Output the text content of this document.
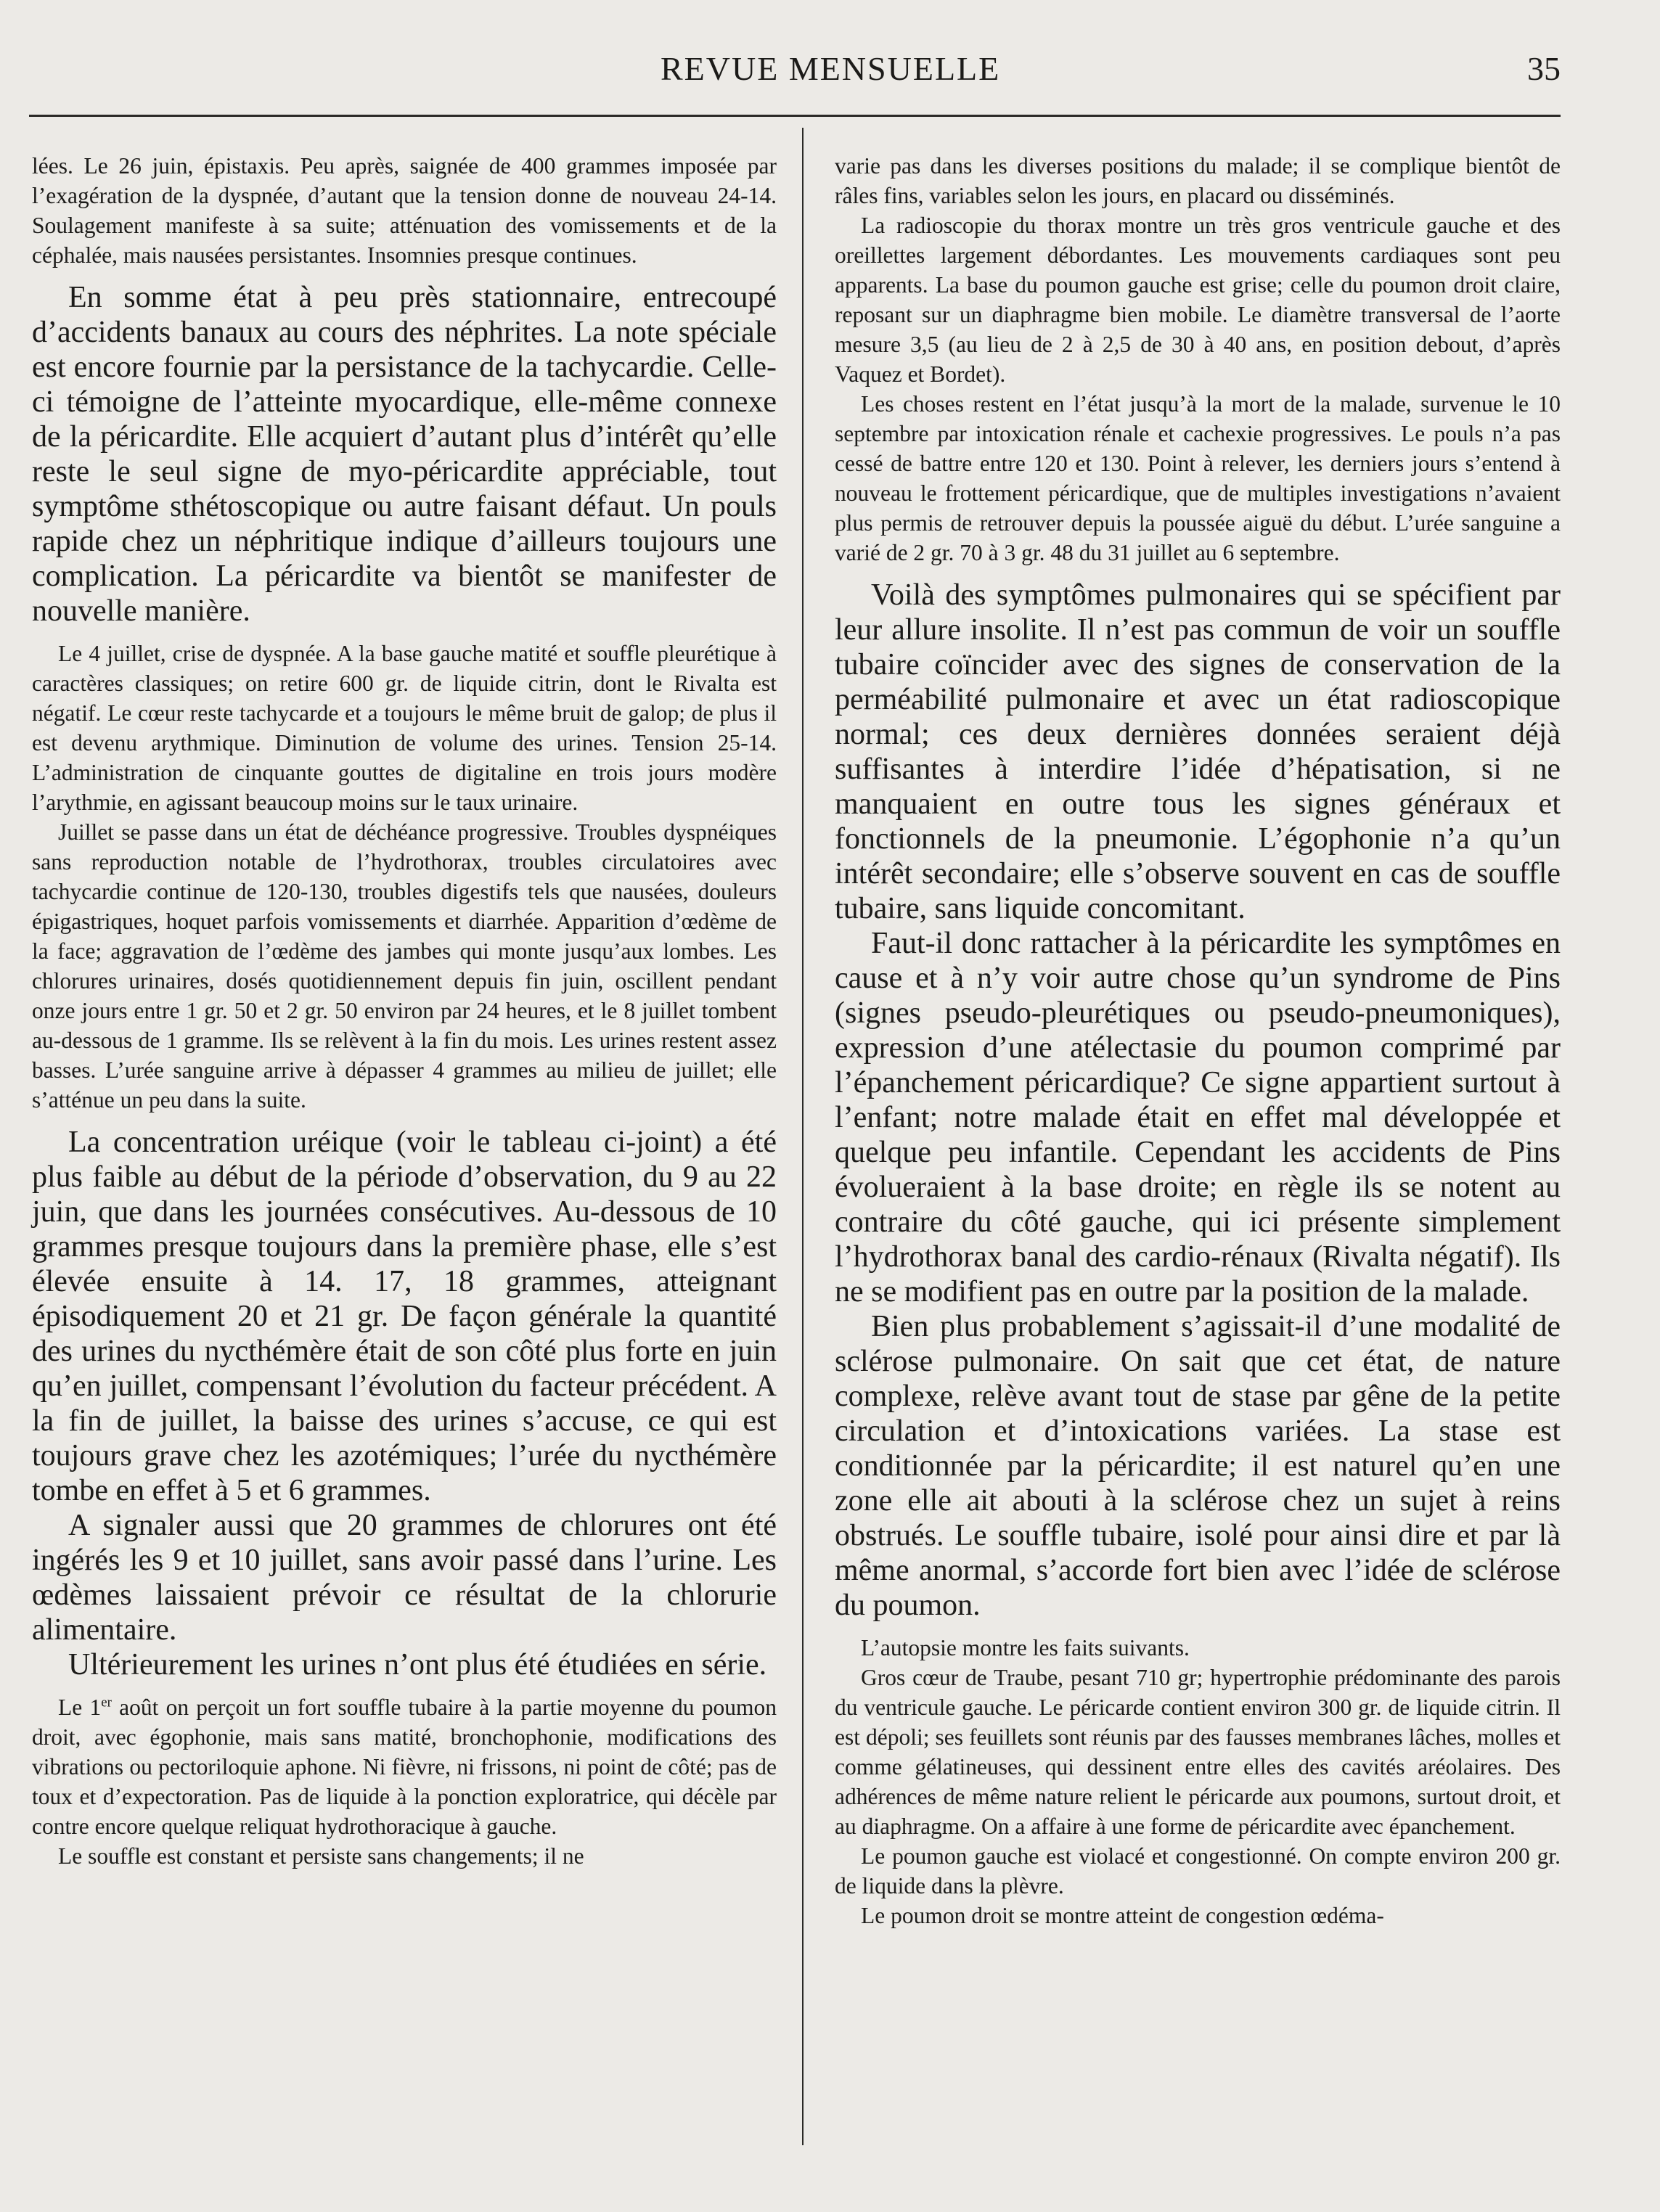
REVUE MENSUELLE	35

lées. Le 26 juin, épistaxis. Peu après, saignée de 400 grammes imposée par l’exagération de la dyspnée, d’autant que la tension donne de nouveau 24-14. Soulagement manifeste à sa suite; atténuation des vomissements et de la céphalée, mais nausées persistantes. Insomnies presque continues.

En somme état à peu près stationnaire, entrecoupé d’accidents banaux au cours des néphrites. La note spéciale est encore fournie par la persistance de la tachycardie. Celle-ci témoigne de l’atteinte myocardique, elle-même connexe de la péricardite. Elle acquiert d’autant plus d’intérêt qu’elle reste le seul signe de myo-péricardite appréciable, tout symptôme sthétoscopique ou autre faisant défaut. Un pouls rapide chez un néphritique indique d’ailleurs toujours une complication. La péricardite va bientôt se manifester de nouvelle manière.

Le 4 juillet, crise de dyspnée. A la base gauche matité et souffle pleurétique à caractères classiques; on retire 600 gr. de liquide citrin, dont le Rivalta est négatif. Le cœur reste tachycarde et a toujours le même bruit de galop; de plus il est devenu arythmique. Diminution de volume des urines. Tension 25-14. L’administration de cinquante gouttes de digitaline en trois jours modère l’arythmie, en agissant beaucoup moins sur le taux urinaire.

Juillet se passe dans un état de déchéance progressive. Troubles dyspnéiques sans reproduction notable de l’hydrothorax, troubles circulatoires avec tachycardie continue de 120-130, troubles digestifs tels que nausées, douleurs épigastriques, hoquet parfois vomissements et diarrhée. Apparition d’œdème de la face; aggravation de l’œdème des jambes qui monte jusqu’aux lombes. Les chlorures urinaires, dosés quotidiennement depuis fin juin, oscillent pendant onze jours entre 1 gr. 50 et 2 gr. 50 environ par 24 heures, et le 8 juillet tombent au-dessous de 1 gramme. Ils se relèvent à la fin du mois. Les urines restent assez basses. L’urée sanguine arrive à dépasser 4 grammes au milieu de juillet; elle s’atténue un peu dans la suite.

La concentration uréique (voir le tableau ci-joint) a été plus faible au début de la période d’observation, du 9 au 22 juin, que dans les journées consécutives. Au-dessous de 10 grammes presque toujours dans la première phase, elle s’est élevée ensuite à 14. 17, 18 grammes, atteignant épisodiquement 20 et 21 gr. De façon générale la quantité des urines du nycthémère était de son côté plus forte en juin qu’en juillet, compensant l’évolution du facteur précédent. A la fin de juillet, la baisse des urines s’accuse, ce qui est toujours grave chez les azotémiques; l’urée du nycthémère tombe en effet à 5 et 6 grammes.

A signaler aussi que 20 grammes de chlorures ont été ingérés les 9 et 10 juillet, sans avoir passé dans l’urine. Les œdèmes laissaient prévoir ce résultat de la chlorurie alimentaire.

Ultérieurement les urines n’ont plus été étudiées en série.

Le 1er août on perçoit un fort souffle tubaire à la partie moyenne du poumon droit, avec égophonie, mais sans matité, bronchophonie, modifications des vibrations ou pectoriloquie aphone. Ni fièvre, ni frissons, ni point de côté; pas de toux et d’expectoration. Pas de liquide à la ponction exploratrice, qui décèle par contre encore quelque reliquat hydrothoracique à gauche.

Le souffle est constant et persiste sans changements; il ne

varie pas dans les diverses positions du malade; il se complique bientôt de râles fins, variables selon les jours, en placard ou disséminés.

La radioscopie du thorax montre un très gros ventricule gauche et des oreillettes largement débordantes. Les mouvements cardiaques sont peu apparents. La base du poumon gauche est grise; celle du poumon droit claire, reposant sur un diaphragme bien mobile. Le diamètre transversal de l’aorte mesure 3,5 (au lieu de 2 à 2,5 de 30 à 40 ans, en position debout, d’après Vaquez et Bordet).

Les choses restent en l’état jusqu’à la mort de la malade, survenue le 10 septembre par intoxication rénale et cachexie progressives. Le pouls n’a pas cessé de battre entre 120 et 130. Point à relever, les derniers jours s’entend à nouveau le frottement péricardique, que de multiples investigations n’avaient plus permis de retrouver depuis la poussée aiguë du début. L’urée sanguine a varié de 2 gr. 70 à 3 gr. 48 du 31 juillet au 6 septembre.

Voilà des symptômes pulmonaires qui se spécifient par leur allure insolite. Il n’est pas commun de voir un souffle tubaire coïncider avec des signes de conservation de la perméabilité pulmonaire et avec un état radioscopique normal; ces deux dernières données seraient déjà suffisantes à interdire l’idée d’hépatisation, si ne manquaient en outre tous les signes généraux et fonctionnels de la pneumonie. L’égophonie n’a qu’un intérêt secondaire; elle s’observe souvent en cas de souffle tubaire, sans liquide concomitant.

Faut-il donc rattacher à la péricardite les symptômes en cause et à n’y voir autre chose qu’un syndrome de Pins (signes pseudo-pleurétiques ou pseudo-pneumoniques), expression d’une atélectasie du poumon comprimé par l’épanchement péricardique? Ce signe appartient surtout à l’enfant; notre malade était en effet mal développée et quelque peu infantile. Cependant les accidents de Pins évolueraient à la base droite; en règle ils se notent au contraire du côté gauche, qui ici présente simplement l’hydrothorax banal des cardio-rénaux (Rivalta négatif). Ils ne se modifient pas en outre par la position de la malade.

Bien plus probablement s’agissait-il d’une modalité de sclérose pulmonaire. On sait que cet état, de nature complexe, relève avant tout de stase par gêne de la petite circulation et d’intoxications variées. La stase est conditionnée par la péricardite; il est naturel qu’en une zone elle ait abouti à la sclérose chez un sujet à reins obstrués. Le souffle tubaire, isolé pour ainsi dire et par là même anormal, s’accorde fort bien avec l’idée de sclérose du poumon.

L’autopsie montre les faits suivants.

Gros cœur de Traube, pesant 710 gr; hypertrophie prédominante des parois du ventricule gauche. Le péricarde contient environ 300 gr. de liquide citrin. Il est dépoli; ses feuillets sont réunis par des fausses membranes lâches, molles et comme gélatineuses, qui dessinent entre elles des cavités aréolaires. Des adhérences de même nature relient le péricarde aux poumons, surtout droit, et au diaphragme. On a affaire à une forme de péricardite avec épanchement.

Le poumon gauche est violacé et congestionné. On compte environ 200 gr. de liquide dans la plèvre.

Le poumon droit se montre atteint de congestion œdéma-
